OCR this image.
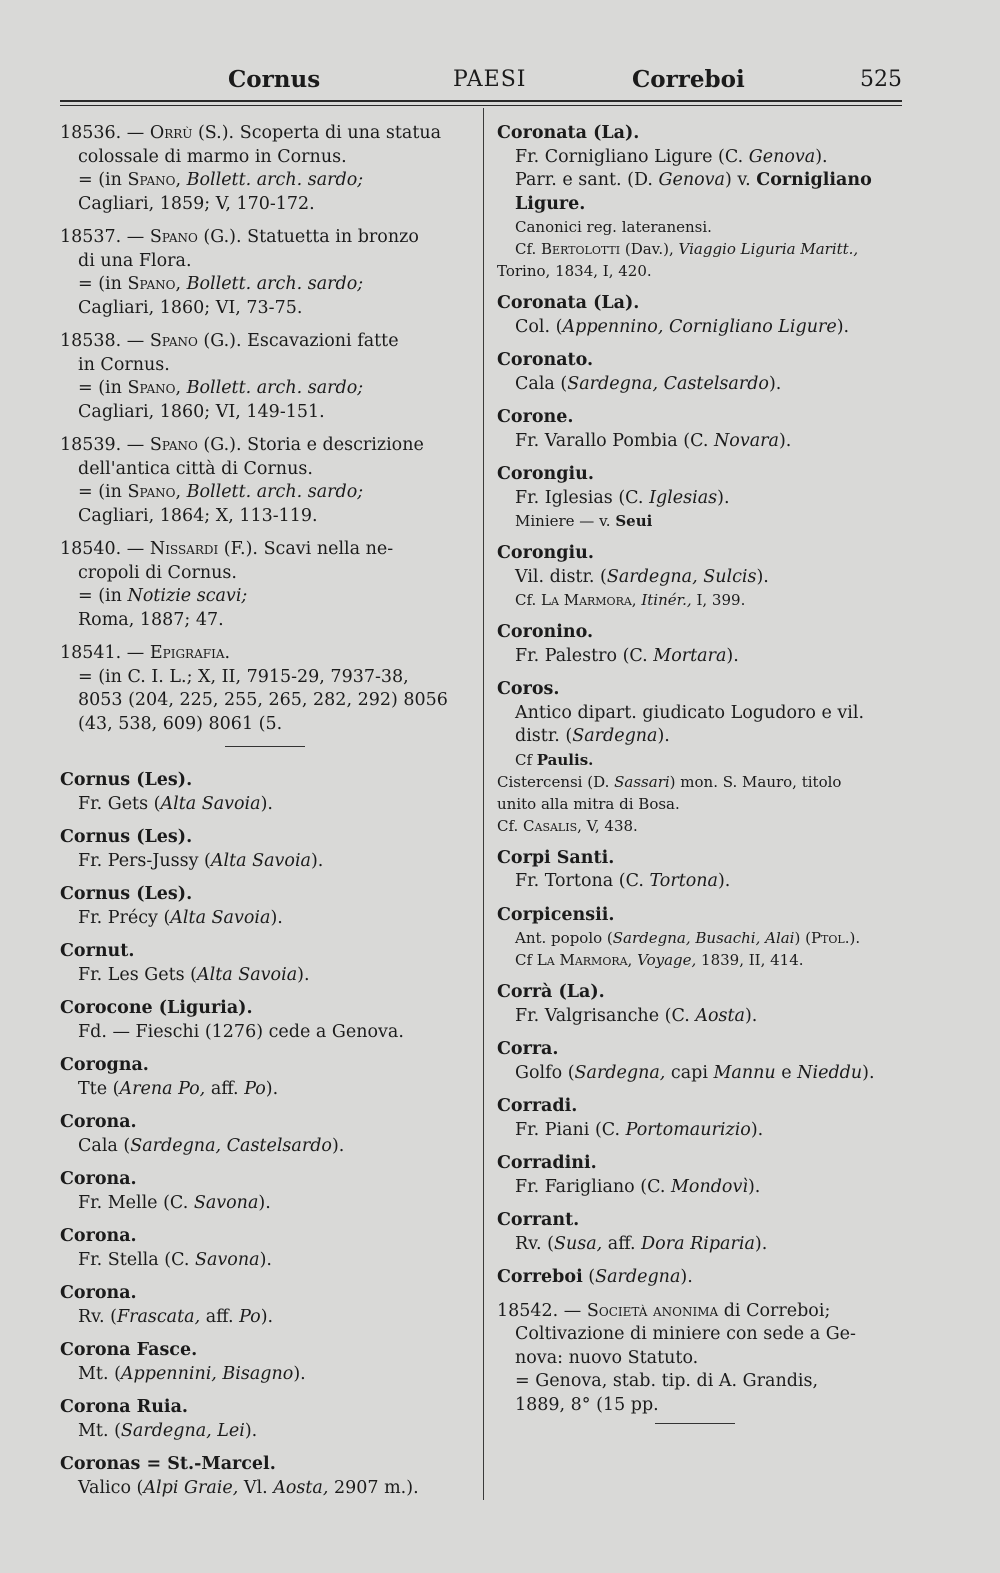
Cornus	PAESI	Correboi	525
18536. — Orrù (S.). Scoperta di una statua
colossale di marmo in Cornus.
= (in Spano, Bollett. arch. sardo;
Cagliari, 1859; V, 170-172.
18537. — Spano (G.). Statuetta in bronzo
di una Flora.
= (in Spano, Bollett. arch. sardo;
Cagliari, 1860; VI, 73-75.
18538. — Spano (G.). Escavazioni fatte
in Cornus.
= (in Spano, Bollett. arch. sardo;
Cagliari, 1860; VI, 149-151.
18539. — Spano (G.). Storia e descrizione
dell'antica città di Cornus.
= (in Spano, Bollett. arch. sardo;
Cagliari, 1864; X, 113-119.
18540. — Nissardi (F.). Scavi nella ne-
cropoli di Cornus.
= (in Notizie scavi;
Roma, 1887; 47.
18541. — Epigrafia.
= (in C. I. L.; X, II, 7915-29, 7937-38,
8053 (204, 225, 255, 265, 282, 292) 8056
(43, 538, 609) 8061 (5.
Cornus (Les).
Fr. Gets (Alta Savoia).
Cornus (Les).
Fr. Pers-Jussy (Alta Savoia).
Cornus (Les).
Fr. Précy (Alta Savoia).
Cornut.
Fr. Les Gets (Alta Savoia).
Corocone (Liguria).
Fd. — Fieschi (1276) cede a Genova.
Corogna.
Tte (Arena Po, aff. Po).
Corona.
Cala (Sardegna, Castelsardo).
Corona.
Fr. Melle (C. Savona).
Corona.
Fr. Stella (C. Savona).
Corona.
Rv. (Frascata, aff. Po).
Corona Fasce.
Mt. (Appennini, Bisagno).
Corona Ruia.
Mt. (Sardegna, Lei).
Coronas = St.-Marcel.
Valico (Alpi Graie, Vl. Aosta, 2907 m.).
Coronata (La).
Fr. Cornigliano Ligure (C. Genova).
Parr. e sant. (D. Genova) v. Cornigliano
Ligure.
Canonici reg. lateranensi.
Cf. Bertolotti (Dav.), Viaggio Liguria Maritt.,
Torino, 1834, I, 420.
Coronata (La).
Col. (Appennino, Cornigliano Ligure).
Coronato.
Cala (Sardegna, Castelsardo).
Corone.
Fr. Varallo Pombia (C. Novara).
Corongiu.
Fr. Iglesias (C. Iglesias).
Miniere — v. Seui
Corongiu.
Vil. distr. (Sardegna, Sulcis).
Cf. La Marmora, Itinér., I, 399.
Coronino.
Fr. Palestro (C. Mortara).
Coros.
Antico dipart. giudicato Logudoro e vil.
distr. (Sardegna).
Cf Paulis.
Cistercensi (D. Sassari) mon. S. Mauro, titolo
unito alla mitra di Bosa.
Cf. Casalis, V, 438.
Corpi Santi.
Fr. Tortona (C. Tortona).
Corpicensii.
Ant. popolo (Sardegna, Busachi, Alai) (Ptol.).
Cf La Marmora, Voyage, 1839, II, 414.
Corrà (La).
Fr. Valgrisanche (C. Aosta).
Corra.
Golfo (Sardegna, capi Mannu e Nieddu).
Corradi.
Fr. Piani (C. Portomaurizio).
Corradini.
Fr. Farigliano (C. Mondovì).
Corrant.
Rv. (Susa, aff. Dora Riparia).
Correboi (Sardegna).
18542. — Società anonima di Correboi;
Coltivazione di miniere con sede a Ge-
nova: nuovo Statuto.
= Genova, stab. tip. di A. Grandis,
1889, 8° (15 pp.
